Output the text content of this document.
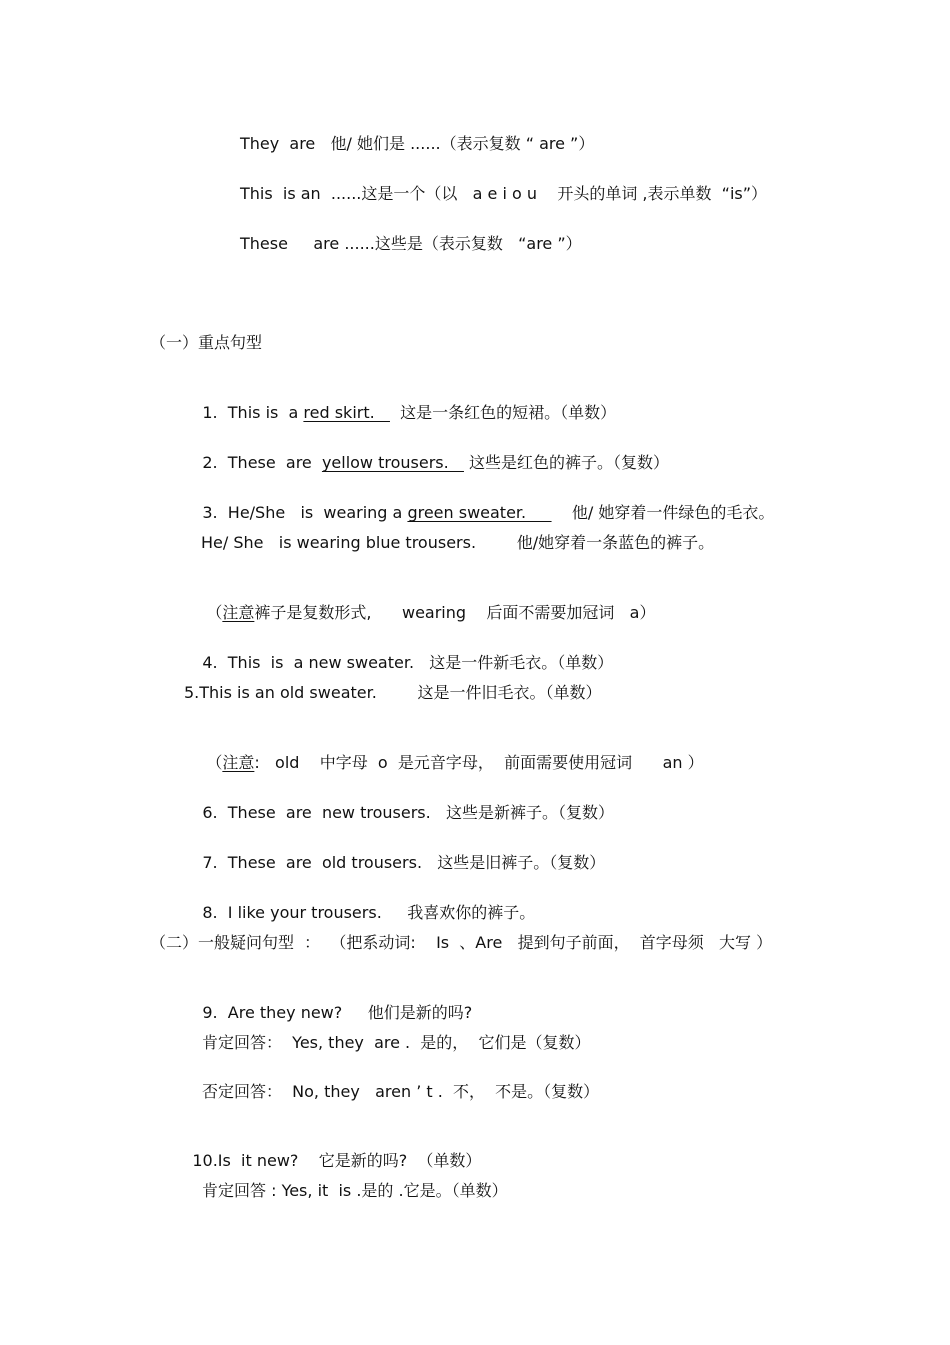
They  are   他/ 她们是 ......（表示复数 “ are ”）
This  is an  ......这是一个（以   a e i o u    开头的单词 ,表示单数  “is”）
These     are ......这些是（表示复数   “are ”）
（一）重点句型

1. This is  a red skirt.     这是一条红色的短裙。（单数）

2. These  are  yellow trousers.    这些是红色的裤子。（复数）

3. He/She   is  wearing a green sweater.         他/ 她穿着一件绿色的毛衣。

He/ She   is wearing blue trousers.        他/她穿着一条蓝色的裤子。

（注意裤子是复数形式,      wearing    后面不需要加冠词   a）

4. This  is  a new sweater.   这是一件新毛衣。（单数）

5.This is an old sweater.        这是一件旧毛衣。（单数）

（注意:   old    中字母  o  是元音字母，  前面需要使用冠词      an ）

6. These  are  new trousers.   这些是新裤子。（复数）

7. These  are  old trousers.   这些是旧裤子。（复数）

8. I like your trousers.     我喜欢你的裤子。

（二）一般疑问句型  ：  （把系动词:    Is  、Are   提到句子前面，  首字母须   大写 ）

9. Are they new?     他们是新的吗?

肯定回答：  Yes, they  are .  是的，  它们是（复数）
否定回答：  No, they   aren ’ t .  不，  不是。（复数）

10.Is  it new?    它是新的吗?  （单数）

肯定回答 : Yes, it  is .是的 .它是。（单数）
